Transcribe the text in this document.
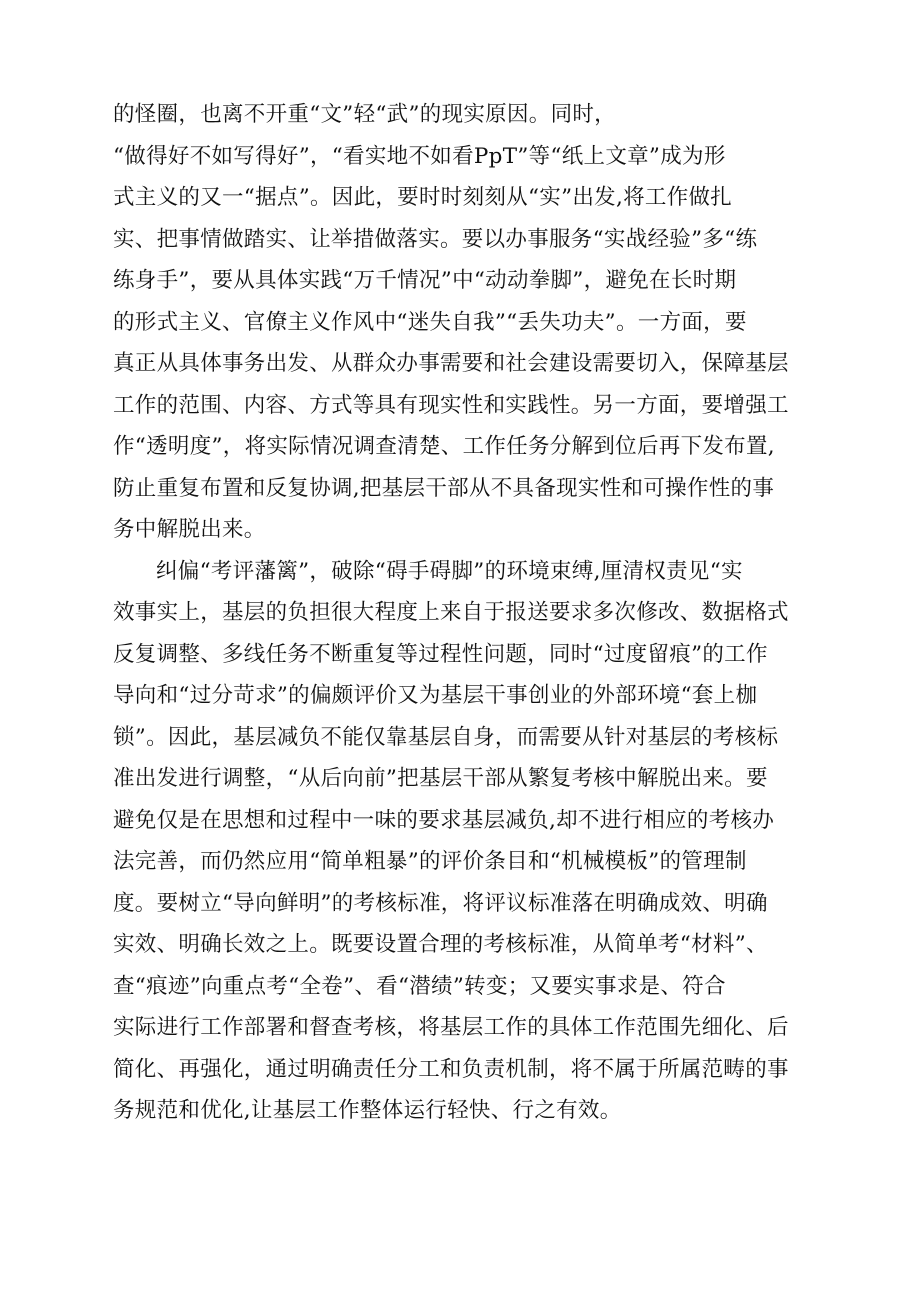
的怪圈，也离不开重“文”轻“武”的现实原因。同时，
“做得好不如写得好”，“看实地不如看PpT”等“纸上文章”成为形
式主义的又一“据点”。因此，要时时刻刻从“实”出发,将工作做扎
实、把事情做踏实、让举措做落实。要以办事服务“实战经验”多“练
练身手”，要从具体实践“万千情况”中“动动拳脚”，避免在长时期
的形式主义、官僚主义作风中“迷失自我”“丢失功夫”。一方面，要
真正从具体事务出发、从群众办事需要和社会建设需要切入，保障基层
工作的范围、内容、方式等具有现实性和实践性。另一方面，要增强工
作“透明度”，将实际情况调查清楚、工作任务分解到位后再下发布置,
防止重复布置和反复协调,把基层干部从不具备现实性和可操作性的事
务中解脱出来。
纠偏“考评藩篱”，破除“碍手碍脚”的环境束缚,厘清权责见“实
效事实上，基层的负担很大程度上来自于报送要求多次修改、数据格式
反复调整、多线任务不断重复等过程性问题，同时“过度留痕”的工作
导向和“过分苛求”的偏颇评价又为基层干事创业的外部环境“套上枷
锁”。因此，基层减负不能仅靠基层自身，而需要从针对基层的考核标
准出发进行调整，“从后向前”把基层干部从繁复考核中解脱出来。要
避免仅是在思想和过程中一味的要求基层减负,却不进行相应的考核办
法完善，而仍然应用“简单粗暴”的评价条目和“机械模板”的管理制
度。要树立“导向鲜明”的考核标准，将评议标准落在明确成效、明确
实效、明确长效之上。既要设置合理的考核标准，从简单考“材料”、
查“痕迹”向重点考“全卷”、看“潜绩”转变；又要实事求是、符合
实际进行工作部署和督查考核，将基层工作的具体工作范围先细化、后
简化、再强化，通过明确责任分工和负责机制，将不属于所属范畴的事
务规范和优化,让基层工作整体运行轻快、行之有效。
